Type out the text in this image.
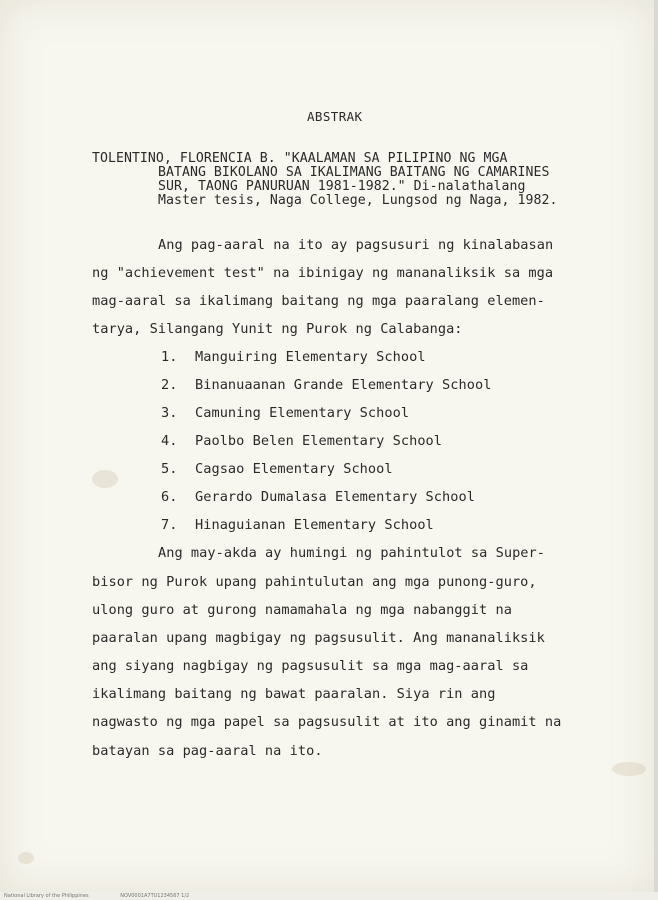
ABSTRAK
TOLENTINO, FLORENCIA B. "KAALAMAN SA PILIPINO NG MGA
BATANG BIKOLANO SA IKALIMANG BAITANG NG CAMARINES
SUR, TAONG PANURUAN 1981-1982." Di-nalathalang
Master tesis, Naga College, Lungsod ng Naga, 1982.
Ang pag-aaral na ito ay pagsusuri ng kinalabasan
ng "achievement test" na ibinigay ng mananaliksik sa mga
mag-aaral sa ikalimang baitang ng mga paaralang elemen-
tarya, Silangang Yunit ng Purok ng Calabanga:
1. Manguiring Elementary School
2. Binanuaanan Grande Elementary School
3. Camuning Elementary School
4. Paolbo Belen Elementary School
5. Cagsao Elementary School
6. Gerardo Dumalasa Elementary School
7. Hinaguianan Elementary School
Ang may-akda ay humingi ng pahintulot sa Super-
bisor ng Purok upang pahintulutan ang mga punong-guro,
ulong guro at gurong namamahala ng mga nabanggit na
paaralan upang magbigay ng pagsusulit. Ang mananaliksik
ang siyang nagbigay ng pagsusulit sa mga mag-aaral sa
ikalimang baitang ng bawat paaralan. Siya rin ang
nagwasto ng mga papel sa pagsusulit at ito ang ginamit na
batayan sa pag-aaral na ito.
National Library of the Philippines	NOV0001A7TU1234567 1/2
